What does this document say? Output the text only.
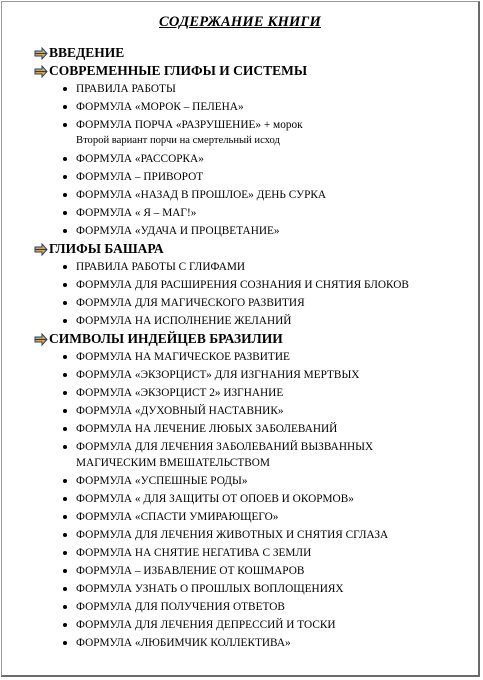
СОДЕРЖАНИЕ КНИГИ
ВВЕДЕНИЕ
СОВРЕМЕННЫЕ ГЛИФЫ И СИСТЕМЫ
ПРАВИЛА РАБОТЫ
ФОРМУЛА «МОРОК – ПЕЛЕНА»
ФОРМУЛА ПОРЧА «РАЗРУШЕНИЕ» + морок
Второй вариант порчи на смертельный исход
ФОРМУЛА «РАССОРКА»
ФОРМУЛА – ПРИВОРОТ
ФОРМУЛА «НАЗАД В ПРОШЛОЕ» ДЕНЬ СУРКА
ФОРМУЛА « Я – МАГ!»
ФОРМУЛА «УДАЧА И ПРОЦВЕТАНИЕ»
ГЛИФЫ БАШАРА
ПРАВИЛА РАБОТЫ С ГЛИФАМИ
ФОРМУЛА ДЛЯ РАСШИРЕНИЯ СОЗНАНИЯ И СНЯТИЯ БЛОКОВ
ФОРМУЛА ДЛЯ МАГИЧЕСКОГО РАЗВИТИЯ
ФОРМУЛА НА ИСПОЛНЕНИЕ ЖЕЛАНИЙ
СИМВОЛЫ ИНДЕЙЦЕВ БРАЗИЛИИ
ФОРМУЛА НА МАГИЧЕСКОЕ РАЗВИТИЕ
ФОРМУЛА «ЭКЗОРЦИСТ» ДЛЯ ИЗГНАНИЯ МЕРТВЫХ
ФОРМУЛА «ЭКЗОРЦИСТ 2» ИЗГНАНИЕ
ФОРМУЛА «ДУХОВНЫЙ НАСТАВНИК»
ФОРМУЛА НА ЛЕЧЕНИЕ ЛЮБЫХ ЗАБОЛЕВАНИЙ
ФОРМУЛА ДЛЯ ЛЕЧЕНИЯ ЗАБОЛЕВАНИЙ ВЫЗВАННЫХ
МАГИЧЕСКИМ ВМЕШАТЕЛЬСТВОМ
ФОРМУЛА «УСПЕШНЫЕ РОДЫ»
ФОРМУЛА « ДЛЯ ЗАЩИТЫ ОТ ОПОЕВ И ОКОРМОВ»
ФОРМУЛА «СПАСТИ УМИРАЮЩЕГО»
ФОРМУЛА ДЛЯ ЛЕЧЕНИЯ ЖИВОТНЫХ И СНЯТИЯ СГЛАЗА
ФОРМУЛА НА СНЯТИЕ НЕГАТИВА С ЗЕМЛИ
ФОРМУЛА – ИЗБАВЛЕНИЕ ОТ КОШМАРОВ
ФОРМУЛА УЗНАТЬ О ПРОШЛЫХ ВОПЛОЩЕНИЯХ
ФОРМУЛА ДЛЯ ПОЛУЧЕНИЯ ОТВЕТОВ
ФОРМУЛА ДЛЯ ЛЕЧЕНИЯ ДЕПРЕССИЙ И ТОСКИ
ФОРМУЛА «ЛЮБИМЧИК КОЛЛЕКТИВА»
